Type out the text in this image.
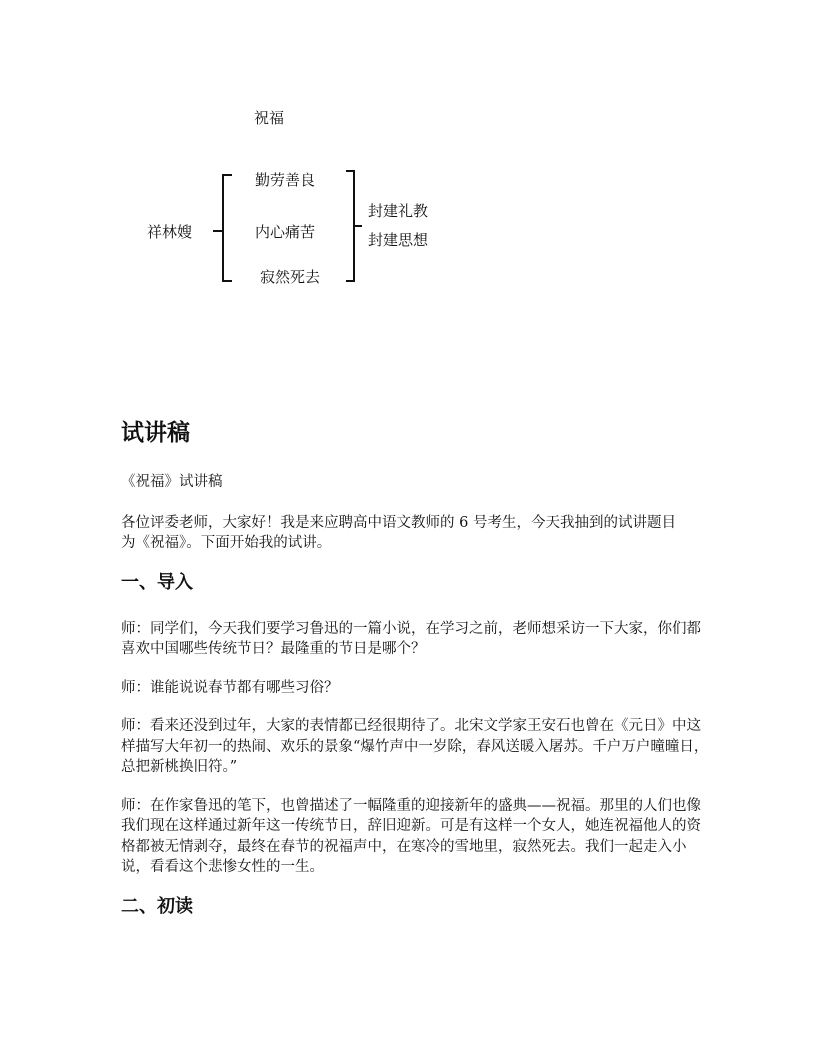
祝福
祥林嫂
勤劳善良
内心痛苦
寂然死去
封建礼教
封建思想
试讲稿

《祝福》试讲稿

各位评委老师，大家好！我是来应聘高中语文教师的 6 号考生，今天我抽到的试讲题目为《祝福》。下面开始我的试讲。

一、导入

师：同学们，今天我们要学习鲁迅的一篇小说，在学习之前，老师想采访一下大家，你们都喜欢中国哪些传统节日？最隆重的节日是哪个？

师：谁能说说春节都有哪些习俗？

师：看来还没到过年，大家的表情都已经很期待了。北宋文学家王安石也曾在《元日》中这样描写大年初一的热闹、欢乐的景象“爆竹声中一岁除，春风送暖入屠苏。千户万户曈曈日，总把新桃换旧符。”

师：在作家鲁迅的笔下，也曾描述了一幅隆重的迎接新年的盛典——祝福。那里的人们也像我们现在这样通过新年这一传统节日，辞旧迎新。可是有这样一个女人，她连祝福他人的资格都被无情剥夺，最终在春节的祝福声中，在寒冷的雪地里，寂然死去。我们一起走入小说，看看这个悲惨女性的一生。

二、初读
